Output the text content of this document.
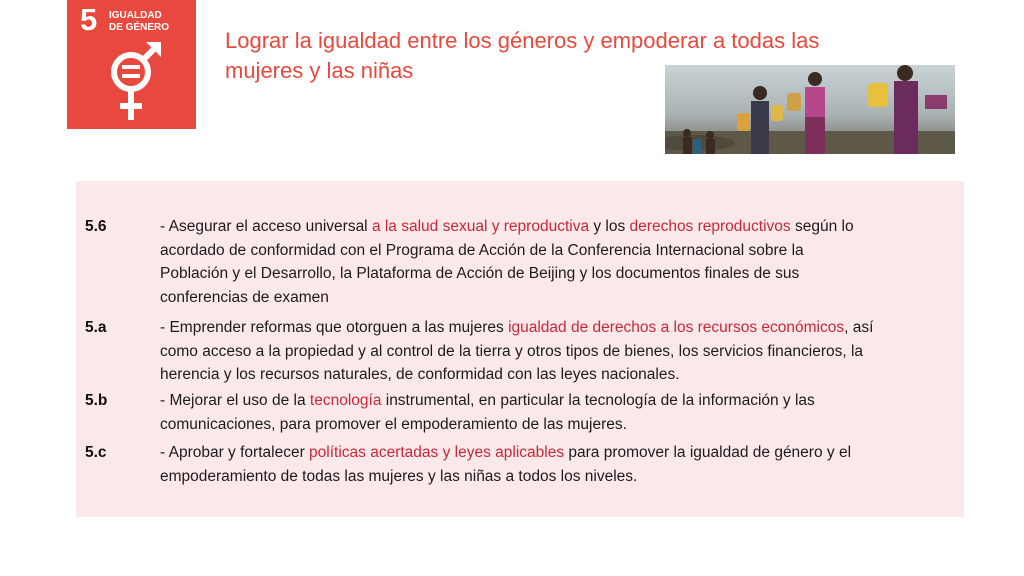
5 IGUALDAD
DE GÉNERO
Lograr la igualdad entre los géneros y empoderar a todas las
mujeres y las niñas
5.6	- Asegurar el acceso universal a la salud sexual y reproductiva y los derechos reproductivos según lo
acordado de conformidad con el Programa de Acción de la Conferencia Internacional sobre la
Población y el Desarrollo, la Plataforma de Acción de Beijing y los documentos finales de sus
conferencias de examen
5.a	- Emprender reformas que otorguen a las mujeres igualdad de derechos a los recursos económicos, así
como acceso a la propiedad y al control de la tierra y otros tipos de bienes, los servicios financieros, la
herencia y los recursos naturales, de conformidad con las leyes nacionales.
5.b	- Mejorar el uso de la tecnología instrumental, en particular la tecnología de la información y las
comunicaciones, para promover el empoderamiento de las mujeres.
5.c	- Aprobar y fortalecer políticas acertadas y leyes aplicables para promover la igualdad de género y el
empoderamiento de todas las mujeres y las niñas a todos los niveles.
